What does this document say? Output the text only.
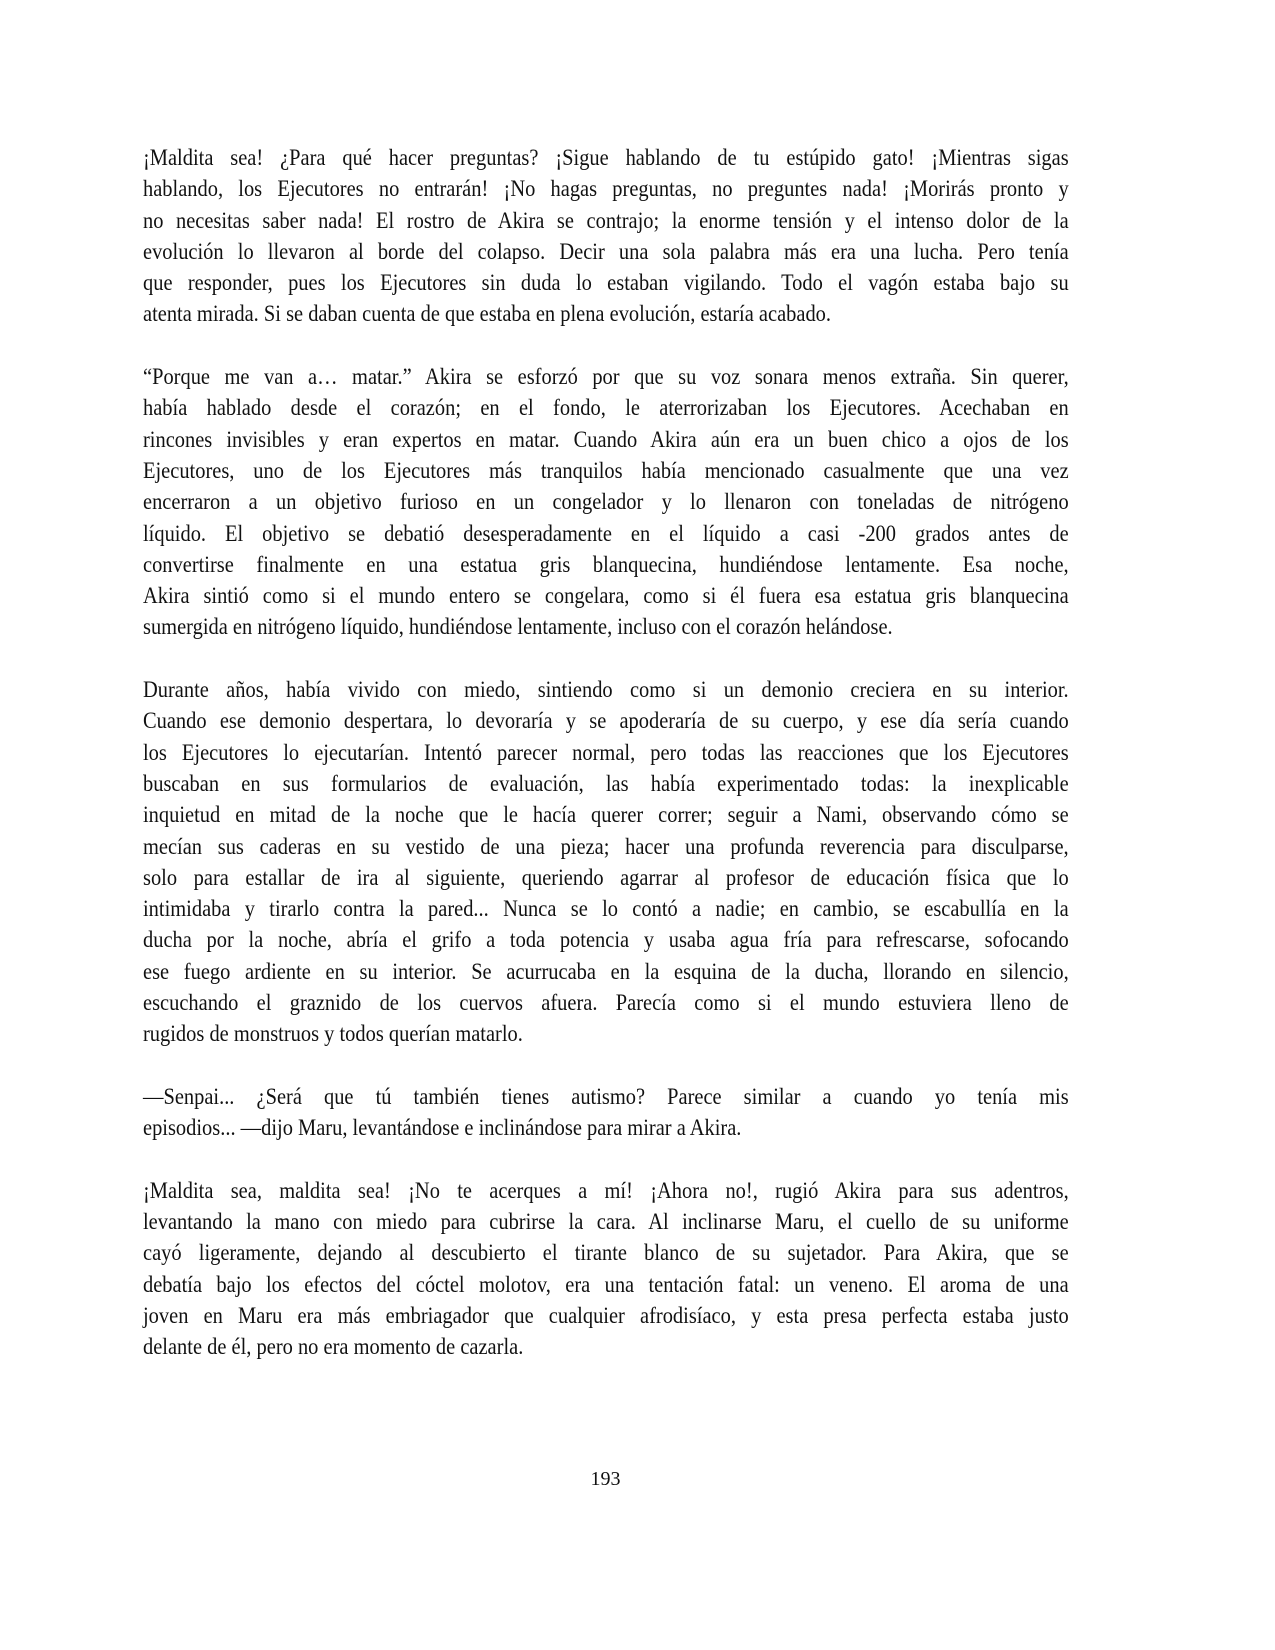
¡Maldita sea! ¿Para qué hacer preguntas? ¡Sigue hablando de tu estúpido gato! ¡Mientras sigas
hablando, los Ejecutores no entrarán! ¡No hagas preguntas, no preguntes nada! ¡Morirás pronto y
no necesitas saber nada! El rostro de Akira se contrajo; la enorme tensión y el intenso dolor de la
evolución lo llevaron al borde del colapso. Decir una sola palabra más era una lucha. Pero tenía
que responder, pues los Ejecutores sin duda lo estaban vigilando. Todo el vagón estaba bajo su
atenta mirada. Si se daban cuenta de que estaba en plena evolución, estaría acabado.
“Porque me van a… matar.” Akira se esforzó por que su voz sonara menos extraña. Sin querer,
había hablado desde el corazón; en el fondo, le aterrorizaban los Ejecutores. Acechaban en
rincones invisibles y eran expertos en matar. Cuando Akira aún era un buen chico a ojos de los
Ejecutores, uno de los Ejecutores más tranquilos había mencionado casualmente que una vez
encerraron a un objetivo furioso en un congelador y lo llenaron con toneladas de nitrógeno
líquido. El objetivo se debatió desesperadamente en el líquido a casi -200 grados antes de
convertirse finalmente en una estatua gris blanquecina, hundiéndose lentamente. Esa noche,
Akira sintió como si el mundo entero se congelara, como si él fuera esa estatua gris blanquecina
sumergida en nitrógeno líquido, hundiéndose lentamente, incluso con el corazón helándose.
Durante años, había vivido con miedo, sintiendo como si un demonio creciera en su interior.
Cuando ese demonio despertara, lo devoraría y se apoderaría de su cuerpo, y ese día sería cuando
los Ejecutores lo ejecutarían. Intentó parecer normal, pero todas las reacciones que los Ejecutores
buscaban en sus formularios de evaluación, las había experimentado todas: la inexplicable
inquietud en mitad de la noche que le hacía querer correr; seguir a Nami, observando cómo se
mecían sus caderas en su vestido de una pieza; hacer una profunda reverencia para disculparse,
solo para estallar de ira al siguiente, queriendo agarrar al profesor de educación física que lo
intimidaba y tirarlo contra la pared... Nunca se lo contó a nadie; en cambio, se escabullía en la
ducha por la noche, abría el grifo a toda potencia y usaba agua fría para refrescarse, sofocando
ese fuego ardiente en su interior. Se acurrucaba en la esquina de la ducha, llorando en silencio,
escuchando el graznido de los cuervos afuera. Parecía como si el mundo estuviera lleno de
rugidos de monstruos y todos querían matarlo.
—Senpai... ¿Será que tú también tienes autismo? Parece similar a cuando yo tenía mis
episodios... —dijo Maru, levantándose e inclinándose para mirar a Akira.
¡Maldita sea, maldita sea! ¡No te acerques a mí! ¡Ahora no!, rugió Akira para sus adentros,
levantando la mano con miedo para cubrirse la cara. Al inclinarse Maru, el cuello de su uniforme
cayó ligeramente, dejando al descubierto el tirante blanco de su sujetador. Para Akira, que se
debatía bajo los efectos del cóctel molotov, era una tentación fatal: un veneno. El aroma de una
joven en Maru era más embriagador que cualquier afrodisíaco, y esta presa perfecta estaba justo
delante de él, pero no era momento de cazarla.
193
